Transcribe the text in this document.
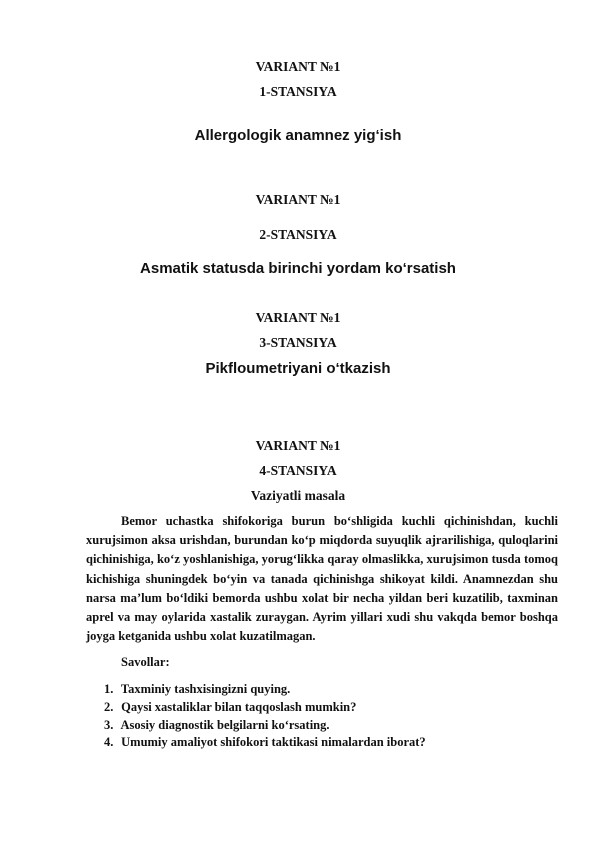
VARIANT №1
1-STANSIYA
Allergologik anamnez yig‘ish
VARIANT №1
2-STANSIYA
Asmatik statusda birinchi yordam ko‘rsatish
VARIANT №1
3-STANSIYA
Pikfloumetriyani o‘tkazish
VARIANT №1
4-STANSIYA
Vaziyatli masala

Bemor uchastka shifokoriga burun bo‘shligida kuchli qichinishdan, kuchli xurujsimon aksa urishdan, burundan ko‘p miqdorda suyuqlik ajrarilishiga, quloqlarini qichinishiga, ko‘z yoshlanishiga, yorug‘likka qaray olmaslikka, xurujsimon tusda tomoq kichishiga shuningdek bo‘yin va tanada qichinishga shikoyat kildi. Anamnezdan shu narsa ma’lum bo‘ldiki bemorda ushbu xolat bir necha yildan beri kuzatilib, taxminan aprel va may oylarida xastalik zuraygan. Ayrim yillari xudi shu vakqda bemor boshqa joyga ketganida ushbu xolat kuzatilmagan.

Savollar:
1. Taxminiy tashxisingizni quying.
2. Qaysi xastaliklar bilan taqqoslash mumkin?
3. Asosiy diagnostik belgilarni ko‘rsating.
4. Umumiy amaliyot shifokori taktikasi nimalardan iborat?
